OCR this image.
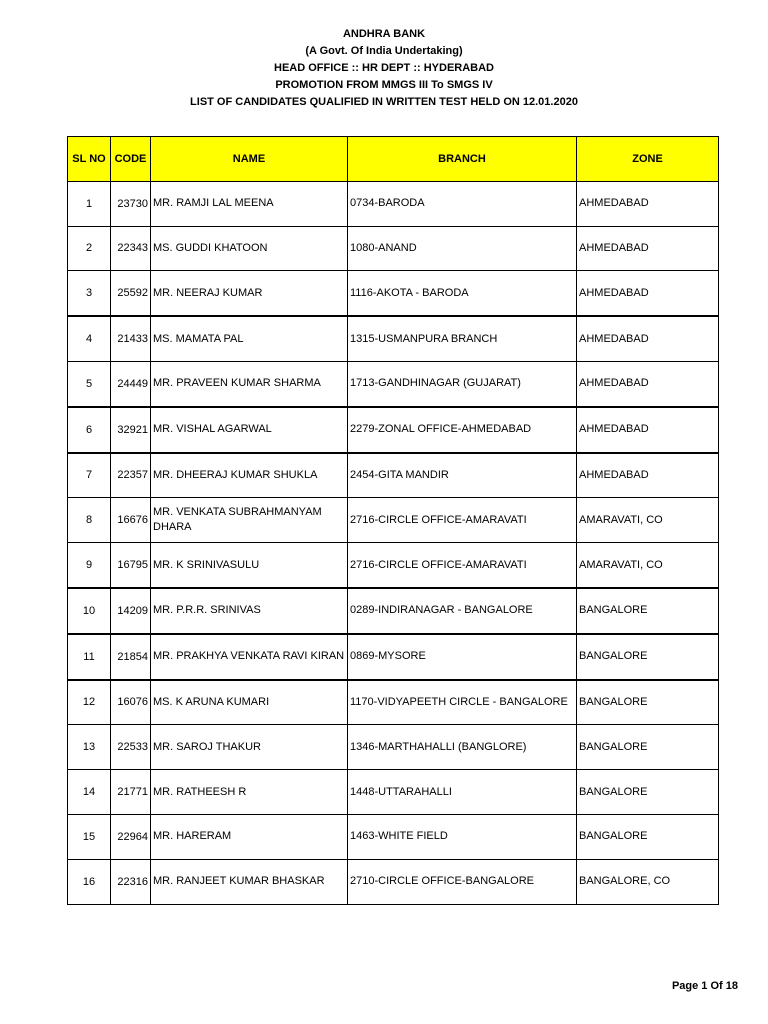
ANDHRA BANK
(A Govt. Of India Undertaking)
HEAD OFFICE :: HR DEPT :: HYDERABAD
PROMOTION FROM MMGS III To SMGS IV
LIST OF CANDIDATES QUALIFIED IN WRITTEN TEST HELD ON 12.01.2020
SL NO	CODE	NAME	BRANCH	ZONE
1	23730	MR. RAMJI LAL MEENA	0734-BARODA	AHMEDABAD
2	22343	MS. GUDDI KHATOON	1080-ANAND	AHMEDABAD
3	25592	MR. NEERAJ KUMAR	1116-AKOTA - BARODA	AHMEDABAD
4	21433	MS. MAMATA PAL	1315-USMANPURA BRANCH	AHMEDABAD
5	24449	MR. PRAVEEN KUMAR SHARMA	1713-GANDHINAGAR (GUJARAT)	AHMEDABAD
6	32921	MR. VISHAL AGARWAL	2279-ZONAL OFFICE-AHMEDABAD	AHMEDABAD
7	22357	MR. DHEERAJ KUMAR SHUKLA	2454-GITA MANDIR	AHMEDABAD
8	16676	MR. VENKATA SUBRAHMANYAM DHARA	2716-CIRCLE OFFICE-AMARAVATI	AMARAVATI, CO
9	16795	MR. K SRINIVASULU	2716-CIRCLE OFFICE-AMARAVATI	AMARAVATI, CO
10	14209	MR. P.R.R. SRINIVAS	0289-INDIRANAGAR - BANGALORE	BANGALORE
11	21854	MR. PRAKHYA VENKATA RAVI KIRAN	0869-MYSORE	BANGALORE
12	16076	MS. K ARUNA KUMARI	1170-VIDYAPEETH CIRCLE - BANGALORE	BANGALORE
13	22533	MR. SAROJ THAKUR	1346-MARTHAHALLI (BANGLORE)	BANGALORE
14	21771	MR. RATHEESH R	1448-UTTARAHALLI	BANGALORE
15	22964	MR. HARERAM	1463-WHITE FIELD	BANGALORE
16	22316	MR. RANJEET KUMAR BHASKAR	2710-CIRCLE OFFICE-BANGALORE	BANGALORE, CO
Page 1 Of 18
